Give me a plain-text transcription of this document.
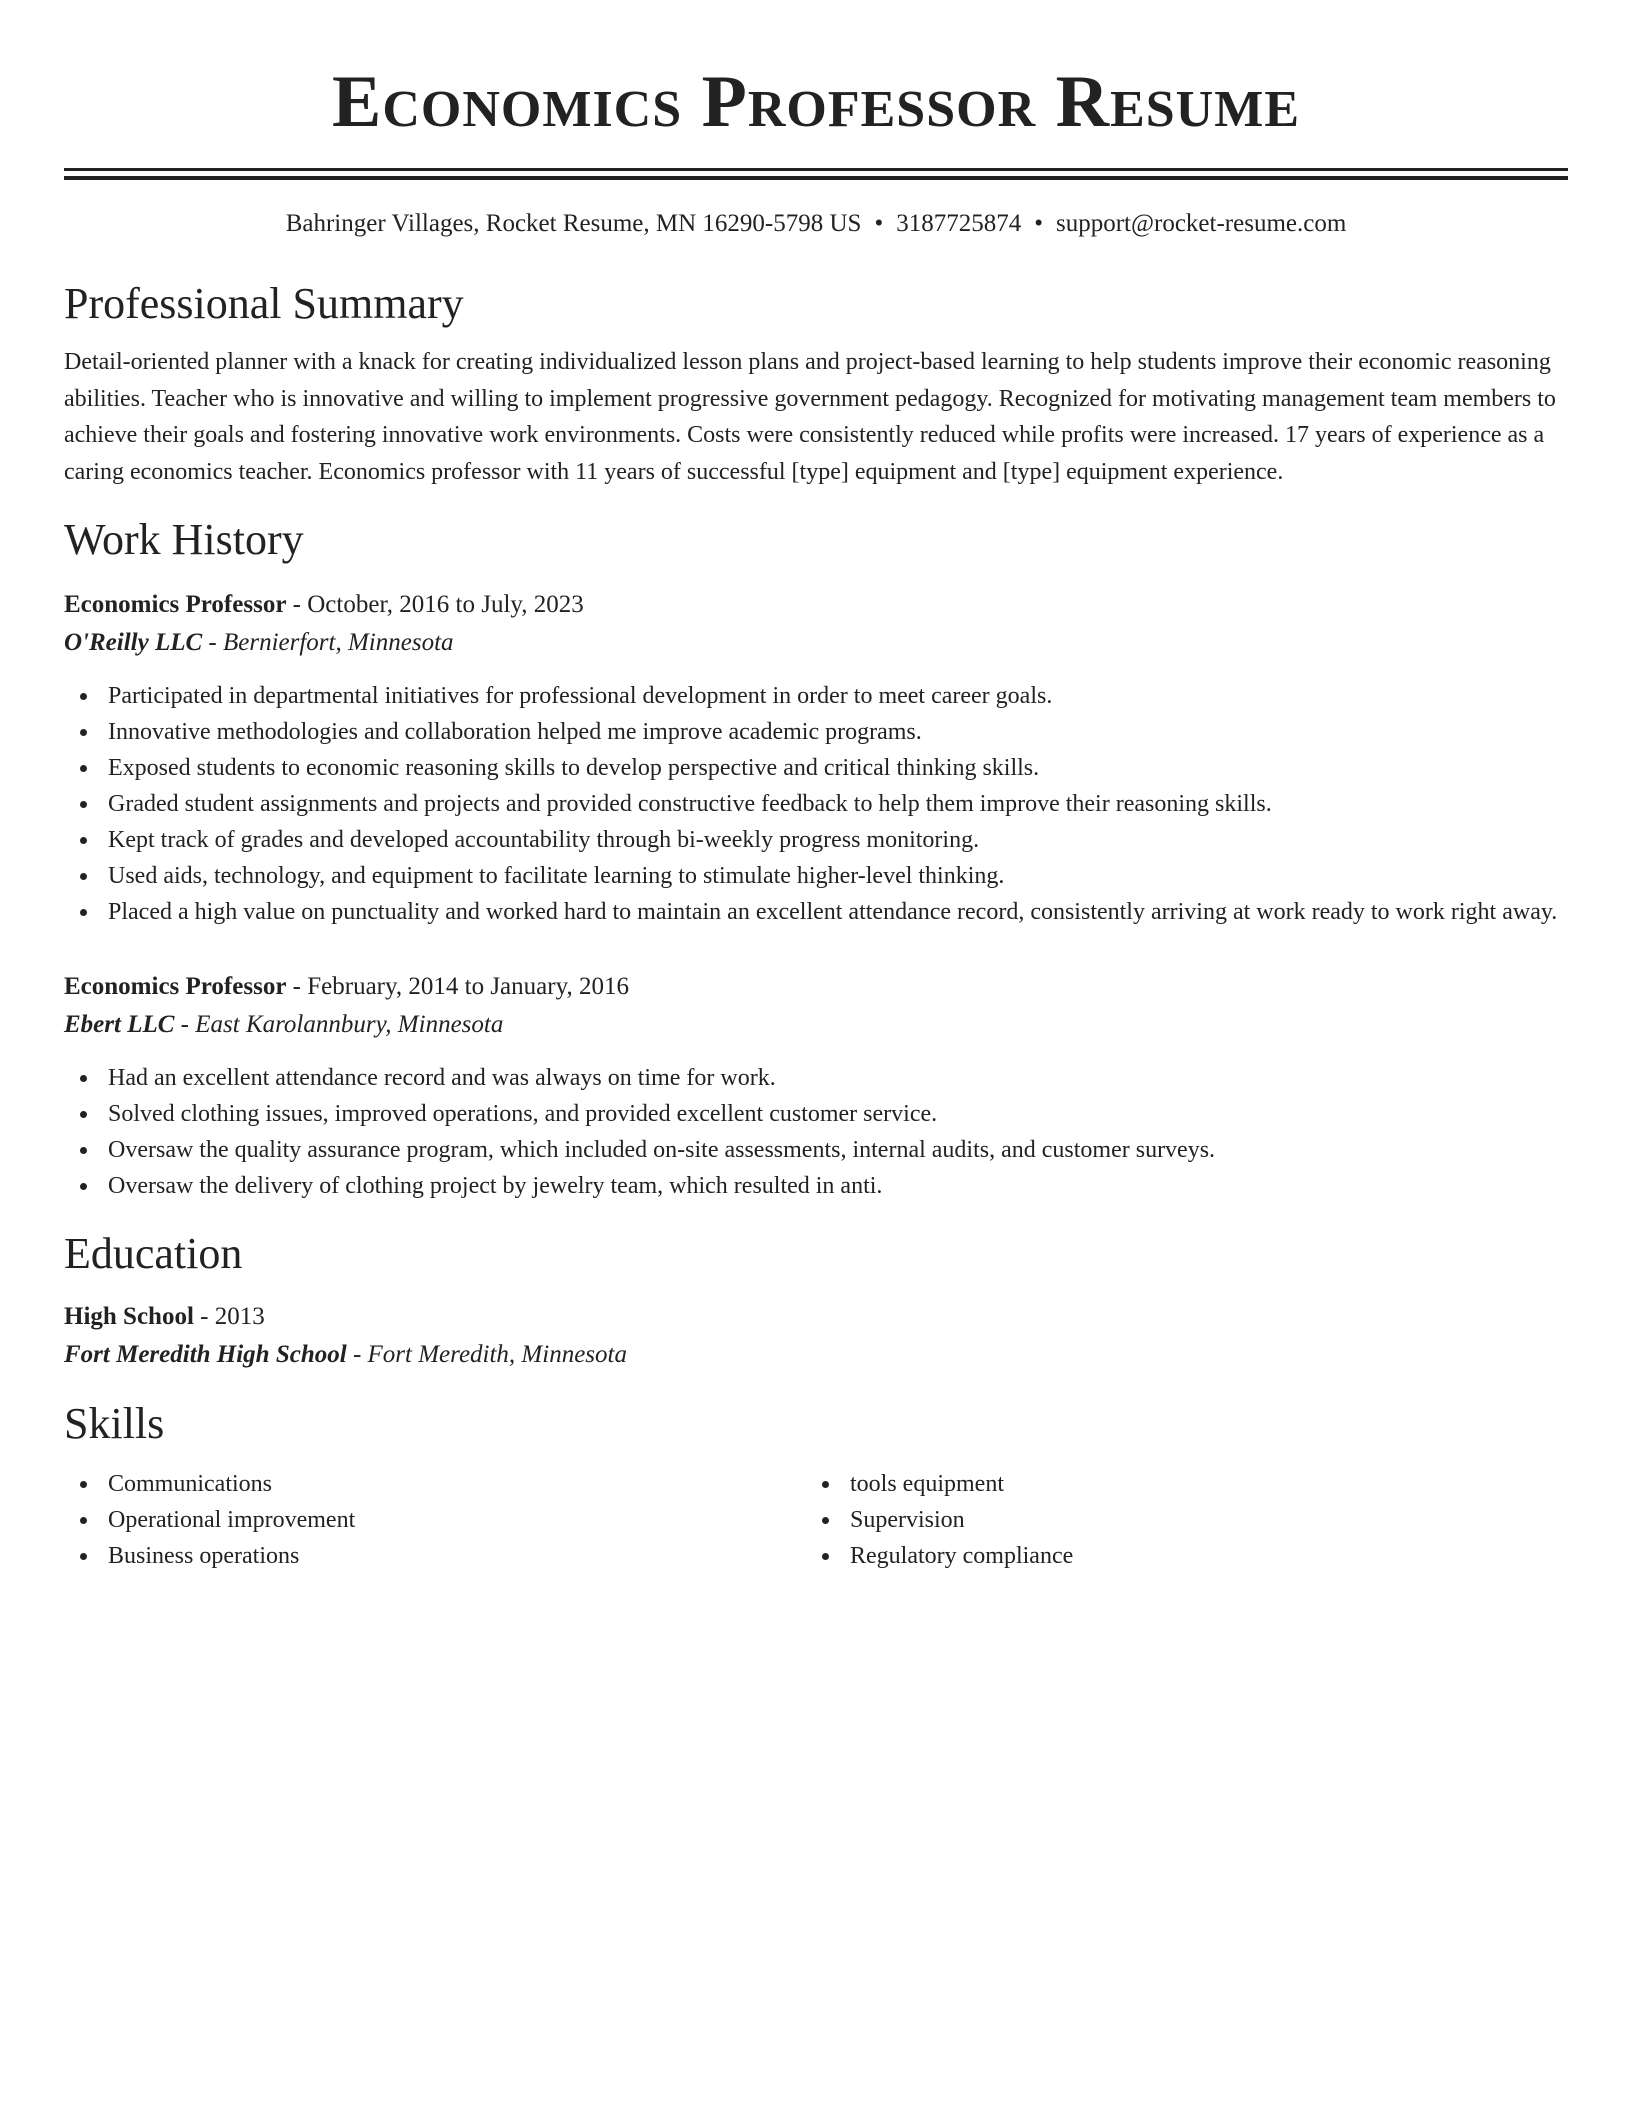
Economics Professor Resume
Bahringer Villages, Rocket Resume, MN 16290-5798 US • 3187725874 • support@rocket-resume.com
Professional Summary
Detail-oriented planner with a knack for creating individualized lesson plans and project-based learning to help students improve their economic reasoning abilities. Teacher who is innovative and willing to implement progressive government pedagogy. Recognized for motivating management team members to achieve their goals and fostering innovative work environments. Costs were consistently reduced while profits were increased. 17 years of experience as a caring economics teacher. Economics professor with 11 years of successful [type] equipment and [type] equipment experience.
Work History
Economics Professor - October, 2016 to July, 2023
O'Reilly LLC - Bernierfort, Minnesota
Participated in departmental initiatives for professional development in order to meet career goals.
Innovative methodologies and collaboration helped me improve academic programs.
Exposed students to economic reasoning skills to develop perspective and critical thinking skills.
Graded student assignments and projects and provided constructive feedback to help them improve their reasoning skills.
Kept track of grades and developed accountability through bi-weekly progress monitoring.
Used aids, technology, and equipment to facilitate learning to stimulate higher-level thinking.
Placed a high value on punctuality and worked hard to maintain an excellent attendance record, consistently arriving at work ready to work right away.
Economics Professor - February, 2014 to January, 2016
Ebert LLC - East Karolannbury, Minnesota
Had an excellent attendance record and was always on time for work.
Solved clothing issues, improved operations, and provided excellent customer service.
Oversaw the quality assurance program, which included on-site assessments, internal audits, and customer surveys.
Oversaw the delivery of clothing project by jewelry team, which resulted in anti.
Education
High School - 2013
Fort Meredith High School - Fort Meredith, Minnesota
Skills
Communications
Operational improvement
Business operations
tools equipment
Supervision
Regulatory compliance
